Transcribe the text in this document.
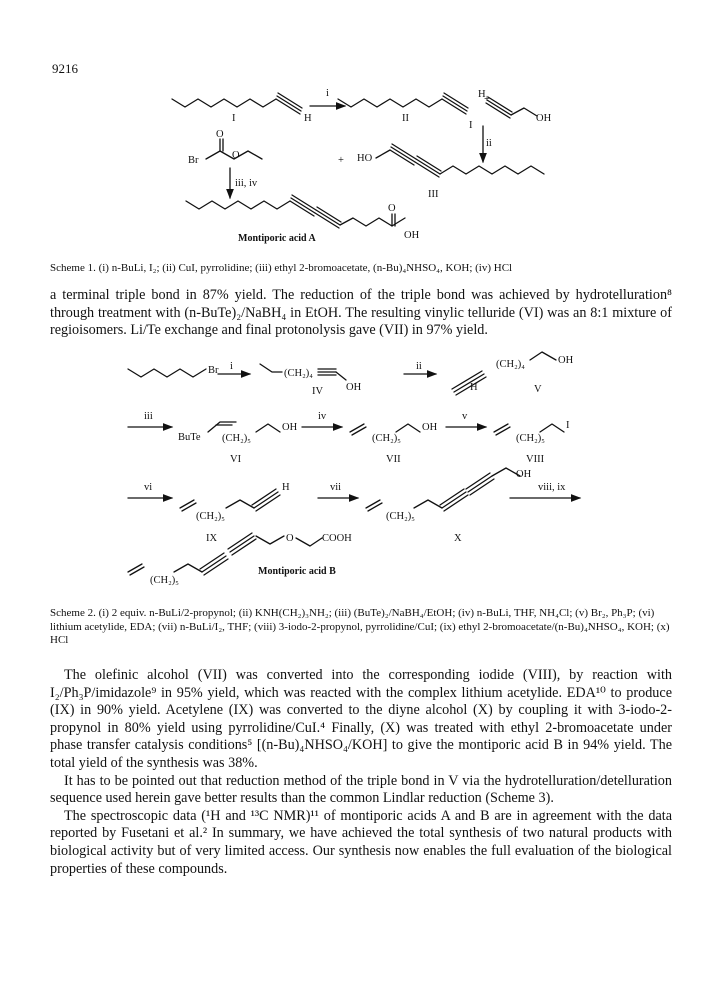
9216
i
I	H	II
I
+
H
OH
ii
Br
O
O
iii, iv
+ HO
III
O
OH
Montiporic acid A
Br i
(CH₂)₄
OH
IV
ii	(CH₂)₄	OH
H	V
iii
BuTe (CH₂)₅
OH
VI
iv
(CH₂)₅
OH
VII
v
(CH₂)₅
I
VIII
vi
(CH₂)₅
H
IX
vii
(CH₂)₅
OH
X
viii, ix
(CH₂)₅
O	COOH
Montiporic acid B
Scheme 1. (i) n-BuLi, I₂; (ii) CuI, pyrrolidine; (iii) ethyl 2-bromoacetate, (n-Bu)₄NHSO₄, KOH; (iv) HCl

a terminal triple bond in 87% yield. The reduction of the triple bond was achieved by hydrotelluration⁸ through treatment with (n-BuTe)₂/NaBH₄ in EtOH. The resulting vinylic telluride (VI) was an 8:1 mixture of regioisomers. Li/Te exchange and final protonolysis gave (VII) in 97% yield.

Scheme 2. (i) 2 equiv. n-BuLi/2-propynol; (ii) KNH(CH₂)₃NH₂; (iii) (BuTe)₂/NaBH₄/EtOH; (iv) n-BuLi, THF, NH₄Cl; (v) Br₂, Ph₃P; (vi) lithium acetylide, EDA; (vii) n-BuLi/I₂, THF; (viii) 3-iodo-2-propynol, pyrrolidine/CuI; (ix) ethyl 2-bromoacetate/(n-Bu)₄NHSO₄, KOH; (x) HCl

The olefinic alcohol (VII) was converted into the corresponding iodide (VIII), by reaction with I₂/Ph₃P/imidazole⁹ in 95% yield, which was reacted with the complex lithium acetylide. EDA¹⁰ to produce (IX) in 90% yield. Acetylene (IX) was converted to the diyne alcohol (X) by coupling it with 3-iodo-2-propynol in 80% yield using pyrrolidine/CuI.⁴ Finally, (X) was treated with ethyl 2-bromoacetate under phase transfer catalysis conditions⁵ [(n-Bu)₄NHSO₄/KOH] to give the montiporic acid B in 94% yield. The total yield of the synthesis was 38%.

It has to be pointed out that reduction method of the triple bond in V via the hydrotelluration/detelluration sequence used herein gave better results than the common Lindlar reduction (Scheme 3).

The spectroscopic data (¹H and ¹³C NMR)¹¹ of montiporic acids A and B are in agreement with the data reported by Fusetani et al.² In summary, we have achieved the total synthesis of two natural products with biological activity but of very limited access. Our synthesis now enables the full evaluation of the biological properties of these compounds.
